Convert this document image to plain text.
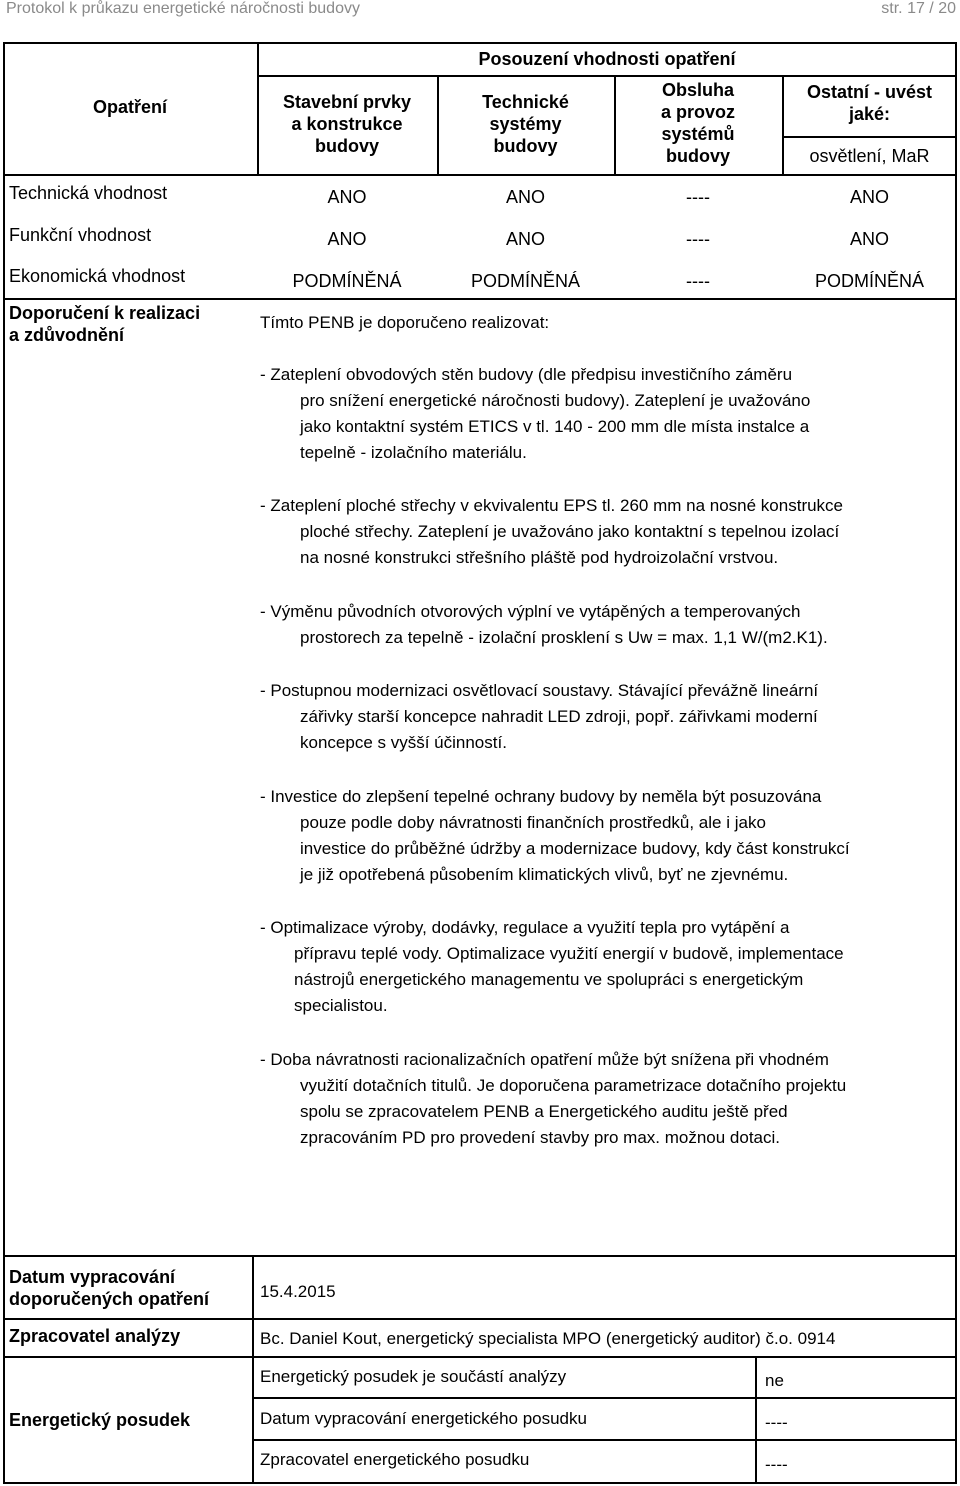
Protokol k průkazu energetické náročnosti budovy	str. 17 / 20
Opatření
Posouzení vhodnosti opatření
Stavební prvky
a konstrukce
budovy
Technické
systémy
budovy
Obsluha
a provoz
systémů
budovy
Ostatní - uvést
jaké:
osvětlení, MaR
Technická vhodnost	ANO	ANO	----	ANO
Funkční vhodnost	ANO	ANO	----	ANO
Ekonomická vhodnost	PODMÍNĚNÁ	PODMÍNĚNÁ	----	PODMÍNĚNÁ
Doporučení k realizaci
a zdůvodnění
Tímto PENB je doporučeno realizovat:
- Zateplení obvodových stěn budovy (dle předpisu investičního záměru
pro snížení energetické náročnosti budovy). Zateplení je uvažováno
jako kontaktní systém ETICS v tl. 140 - 200 mm dle místa instalce a
tepelně - izolačního materiálu.
- Zateplení ploché střechy v ekvivalentu EPS tl. 260 mm na nosné konstrukce
ploché střechy. Zateplení je uvažováno jako kontaktní s tepelnou izolací
na nosné konstrukci střešního pláště pod hydroizolační vrstvou.
- Výměnu původních otvorových výplní ve vytápěných a temperovaných
prostorech za tepelně - izolační prosklení s Uw = max. 1,1 W/(m2.K1).
- Postupnou modernizaci osvětlovací soustavy. Stávající převážně lineární
zářivky starší koncepce nahradit LED zdroji, popř. zářivkami moderní
koncepce s vyšší účinností.
- Investice do zlepšení tepelné ochrany budovy by neměla být posuzována
pouze podle doby návratnosti finančních prostředků, ale i jako
investice do průběžné údržby a modernizace budovy, kdy část konstrukcí
je již opotřebená působením klimatických vlivů, byť ne zjevnému.
- Optimalizace výroby, dodávky, regulace a využití tepla pro vytápění a
přípravu teplé vody. Optimalizace využití energií v budově, implementace
nástrojů energetického managementu ve spolupráci s energetickým
specialistou.
- Doba návratnosti racionalizačních opatření může být snížena při vhodném
využití dotačních titulů. Je doporučena parametrizace dotačního projektu
spolu se zpracovatelem PENB a Energetického auditu ještě před
zpracováním PD pro provedení stavby pro max. možnou dotaci.
Datum vypracování
doporučených opatření	15.4.2015
Zpracovatel analýzy	Bc. Daniel Kout, energetický specialista MPO (energetický auditor) č.o. 0914
Energetický posudek
Energetický posudek je součástí analýzy	ne
Datum vypracování energetického posudku	----
Zpracovatel energetického posudku	----
